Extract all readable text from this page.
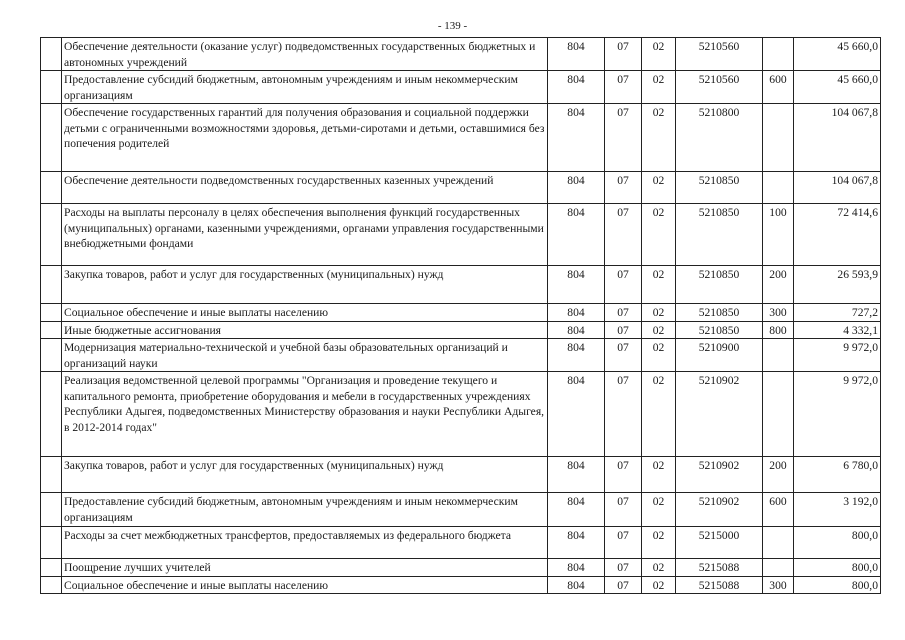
- 139 -
	Обеспечение деятельности (оказание услуг) подведомственных государственных бюджетных и автономных учреждений	804	07	02	5210560		45 660,0
	Предоставление субсидий бюджетным, автономным учреждениям и иным некоммерческим организациям	804	07	02	5210560	600	45 660,0
	Обеспечение государственных гарантий для получения образования и социальной поддержки детьми с ограниченными возможностями здоровья, детьми-сиротами и детьми, оставшимися без попечения родителей	804	07	02	5210800		104 067,8
	Обеспечение деятельности подведомственных государственных казенных учреждений	804	07	02	5210850		104 067,8
	Расходы на выплаты персоналу в целях обеспечения выполнения функций государственных (муниципальных) органами, казенными учреждениями, органами управления государственными внебюджетными фондами	804	07	02	5210850	100	72 414,6
	Закупка товаров, работ и услуг для государственных (муниципальных) нужд	804	07	02	5210850	200	26 593,9
	Социальное обеспечение и иные выплаты населению	804	07	02	5210850	300	727,2
	Иные бюджетные ассигнования	804	07	02	5210850	800	4 332,1
	Модернизация материально-технической и учебной базы образовательных организаций и организаций науки	804	07	02	5210900		9 972,0
	Реализация ведомственной целевой программы "Организация и проведение текущего и капитального ремонта, приобретение оборудования и мебели в государственных учреждениях Республики Адыгея, подведомственных Министерству образования и науки Республики Адыгея, в 2012-2014 годах"	804	07	02	5210902		9 972,0
	Закупка товаров, работ и услуг для государственных (муниципальных) нужд	804	07	02	5210902	200	6 780,0
	Предоставление субсидий бюджетным, автономным учреждениям и иным некоммерческим организациям	804	07	02	5210902	600	3 192,0
	Расходы за счет межбюджетных трансфертов, предоставляемых из федерального бюджета	804	07	02	5215000		800,0
	Поощрение лучших учителей	804	07	02	5215088		800,0
	Социальное обеспечение и иные выплаты населению	804	07	02	5215088	300	800,0
